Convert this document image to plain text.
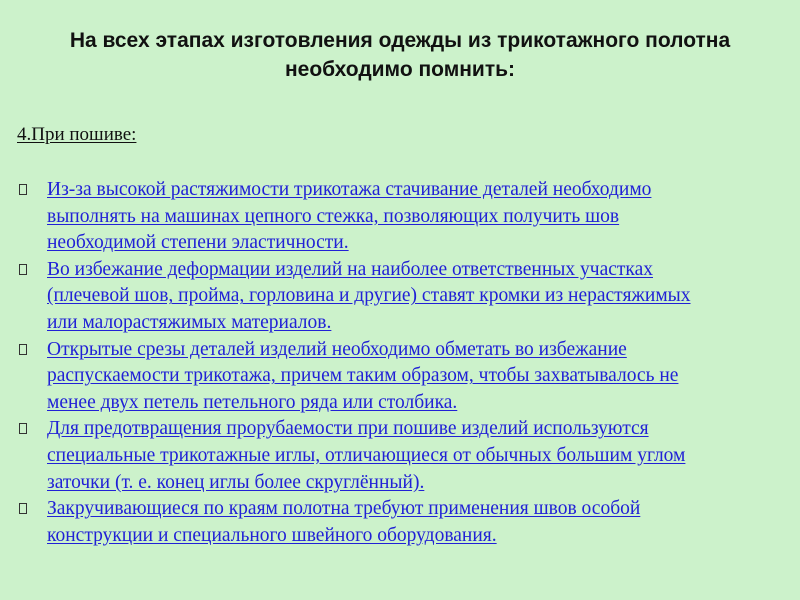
На всех этапах изготовления одежды из трикотажного полотна
необходимо помнить:
4.При пошиве:
Из-за высокой растяжимости трикотажа стачивание деталей необходимо
выполнять на машинах цепного стежка, позволяющих получить шов
необходимой степени эластичности.
Во избежание деформации изделий на наиболее ответственных участках
(плечевой шов, пройма, горловина и другие) ставят кромки из нерастяжимых
или малорастяжимых материалов.
Открытые срезы деталей изделий необходимо обметать во избежание
распускаемости трикотажа, причем таким образом, чтобы захватывалось не
менее двух петель петельного ряда или столбика.
Для предотвращения прорубаемости при пошиве изделий используются
специальные трикотажные иглы, отличающиеся от обычных большим углом
заточки (т. е. конец иглы более скруглённый).
Закручивающиеся по краям полотна требуют применения швов особой
конструкции и специального швейного оборудования.
